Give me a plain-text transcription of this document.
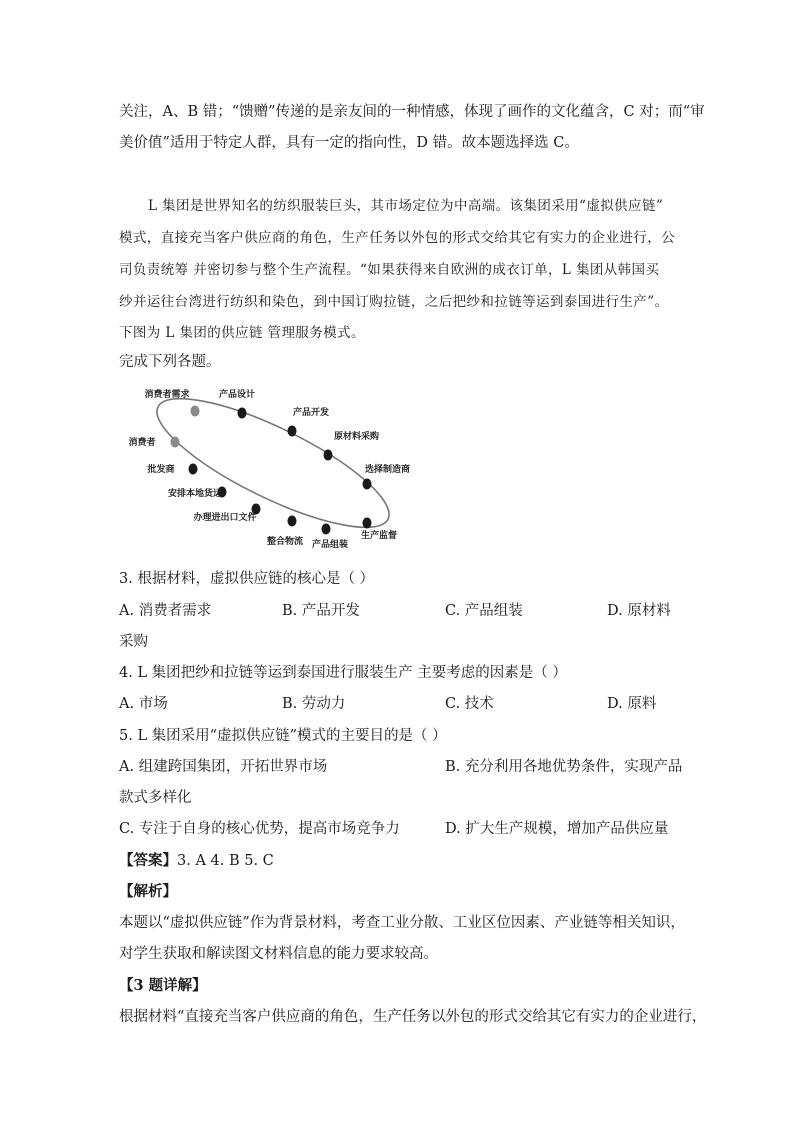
关注，A、B 错；“馈赠”传递的是亲友间的一种情感，体现了画作的文化蕴含，C 对；而“审
美价值”适用于特定人群，具有一定的指向性，D 错。故本题选择选 C。
L 集团是世界知名的纺织服装巨头，其市场定位为中高端。该集团采用“虚拟供应链”
模式，直接充当客户供应商的角色，生产任务以外包的形式交给其它有实力的企业进行，公
司负责统筹 并密切参与整个生产流程。“如果获得来自欧洲的成衣订单，L 集团从韩国买
纱并运往台湾进行纺织和染色，到中国订购拉链，之后把纱和拉链等运到泰国进行生产”。
下图为 L 集团的供应链 管理服务模式。
完成下列各题。
消费者需求	产品设计
产品开发
原材料采购
选择制造商
生产监督
产品组装
整合物流
办理进出口文件
安排本地货运
批发商
消费者
3. 根据材料，虚拟供应链的核心是（ ）
A. 消费者需求	B. 产品开发	C. 产品组装	D. 原材料
采购
4. L 集团把纱和拉链等运到泰国进行服装生产 主要考虑的因素是（ ）
A. 市场	B. 劳动力	C. 技术	D. 原料
5. L 集团采用“虚拟供应链”模式的主要目的是（ ）
A. 组建跨国集团，开拓世界市场	B. 充分利用各地优势条件，实现产品
款式多样化
C. 专注于自身的核心优势，提高市场竞争力	D. 扩大生产规模，增加产品供应量
【答案】3. A 4. B 5. C
【解析】
本题以“虚拟供应链”作为背景材料，考查工业分散、工业区位因素、产业链等相关知识，
对学生获取和解读图文材料信息的能力要求较高。
【3 题详解】
根据材料“直接充当客户供应商的角色，生产任务以外包的形式交给其它有实力的企业进行，
